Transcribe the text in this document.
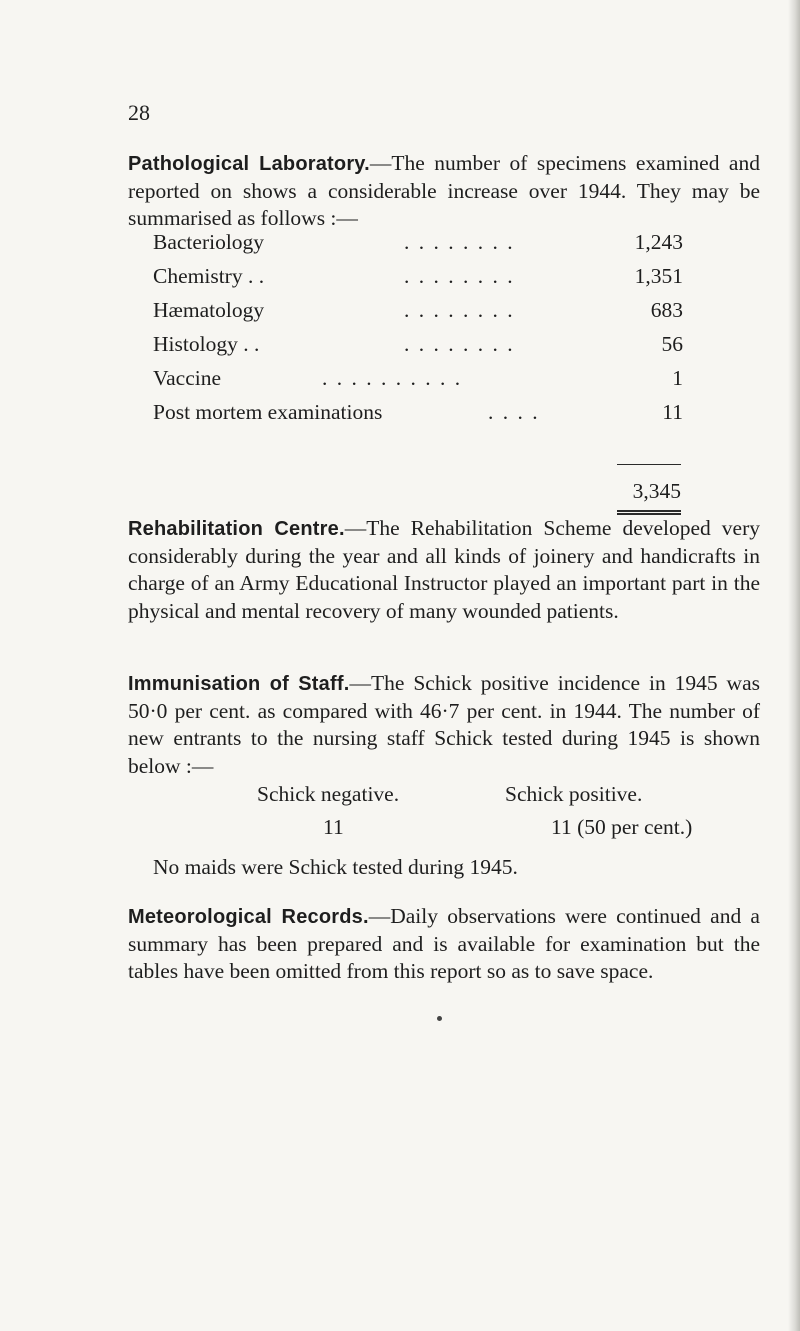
28
Pathological Laboratory.—The number of specimens examined and reported on shows a considerable increase over 1944. They may be summarised as follows :—
Bacteriology	. . . . . . . .	1,243
Chemistry . .	. . . . . . . .	1,351
Hæmatology	. . . . . . . .	683
Histology . .	. . . . . . . .	56
Vaccine	. . . . . . . . . .	1
Post mortem examinations	. . . .	11
3,345
Rehabilitation Centre.—The Rehabilitation Scheme developed very considerably during the year and all kinds of joinery and handicrafts in charge of an Army Educational Instructor played an important part in the physical and mental recovery of many wounded patients.
Immunisation of Staff.—The Schick positive incidence in 1945 was 50·0 per cent. as compared with 46·7 per cent. in 1944. The number of new entrants to the nursing staff Schick tested during 1945 is shown below :—
Schick negative.	Schick positive.
11	11 (50 per cent.)
No maids were Schick tested during 1945.
Meteorological Records.—Daily observations were continued and a summary has been prepared and is available for examination but the tables have been omitted from this report so as to save space.
